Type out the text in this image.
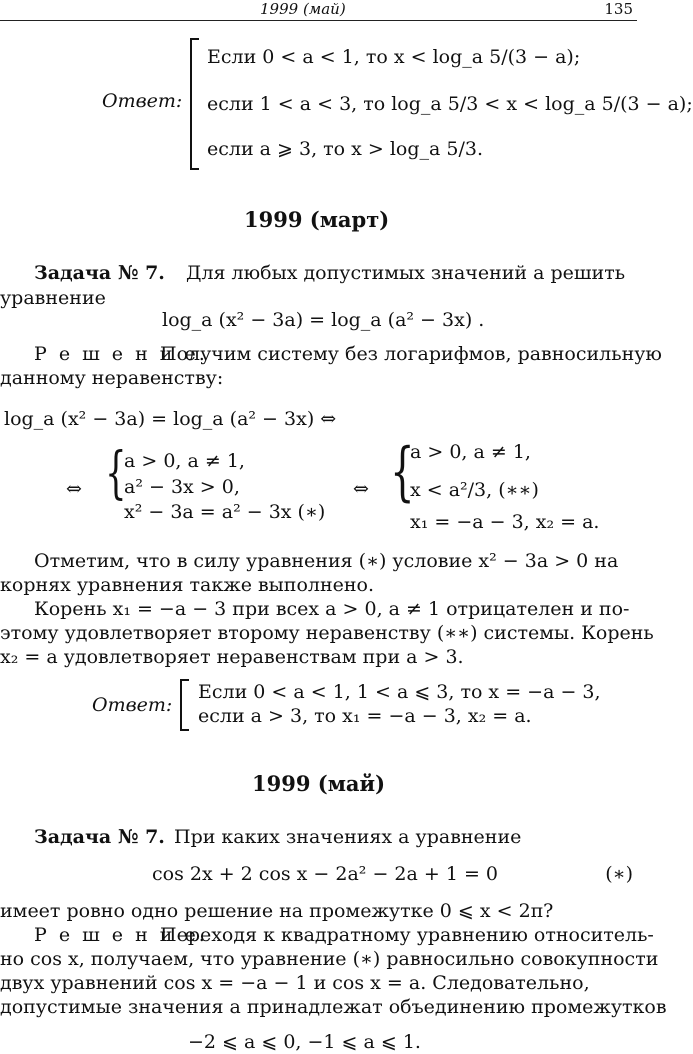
1999 (май)	135
Ответ:
Если 0 < a < 1, то x < log_a 5/(3 − a);
если 1 < a < 3, то log_a 5/3 < x < log_a 5/(3 − a);
если a ⩾ 3, то x > log_a 5/3.
1999 (март)
Задача № 7. Для любых допустимых значений a решить
уравнение
log_a (x² − 3a) = log_a (a² − 3x) .
Р е ш е н и е.
Получим систему без логарифмов, равносильную
данному неравенству:
log_a (x² − 3a) = log_a (a² − 3x) ⇔
⇔ {
a > 0, a ≠ 1,
a² − 3x > 0,
x² − 3a = a² − 3x (∗)
⇔ {
a > 0, a ≠ 1,
x < a²/3, (∗∗)
x₁ = −a − 3, x₂ = a.
Отметим, что в силу уравнения (∗) условие x² − 3a > 0 на
корнях уравнения также выполнено.
Корень x₁ = −a − 3 при всех a > 0, a ≠ 1 отрицателен и по-
этому удовлетворяет второму неравенству (∗∗) системы. Корень
x₂ = a удовлетворяет неравенствам при a > 3.
Ответ:
Если 0 < a < 1, 1 < a ⩽ 3, то x = −a − 3,
если a > 3, то x₁ = −a − 3, x₂ = a.
1999 (май)
Задача № 7. При каких значениях a уравнение
cos 2x + 2 cos x − 2a² − 2a + 1 = 0	(∗)
имеет ровно одно решение на промежутке 0 ⩽ x < 2π?
Р е ш е н и е.
Переходя к квадратному уравнению относитель-
но cos x, получаем, что уравнение (∗) равносильно совокупности
двух уравнений cos x = −a − 1 и cos x = a. Следовательно,
допустимые значения a принадлежат объединению промежутков
−2 ⩽ a ⩽ 0, −1 ⩽ a ⩽ 1.
